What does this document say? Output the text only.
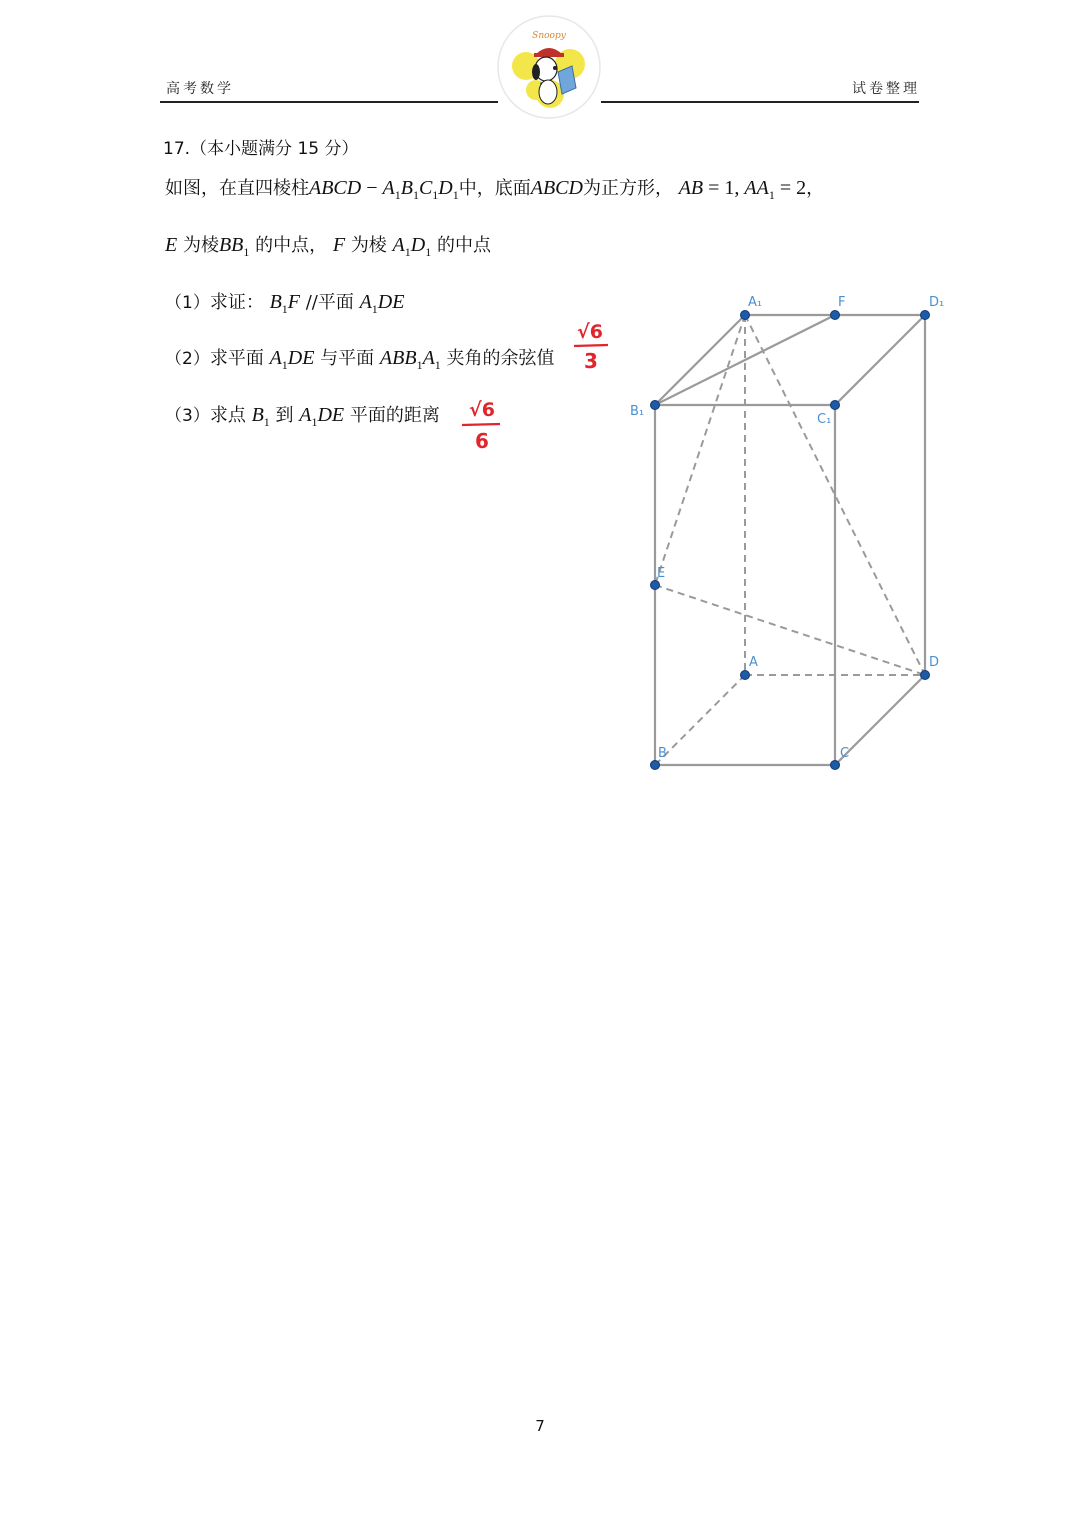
高考数学	试卷整理
Snoopy
17.（本小题满分 15 分）
如图，在直四棱柱ABCD − $A_1B_1C_1D_1$中，底面ABCD为正方形， AB = 1, $AA_1 = 2$，
E 为棱$BB_1$ 的中点， F 为棱 $A_1D_1$ 的中点
（1）求证： $B_1F$ //平面 $A_1DE$
（2）求平面 $A_1DE$ 与平面 $ABB_1A_1$ 夹角的余弦值
（3）求点 $B_1$ 到 $A_1DE$ 平面的距离
√6
3
√6
6
A₁	F	D₁
B₁
C₁
E
A	D
B	C
7
